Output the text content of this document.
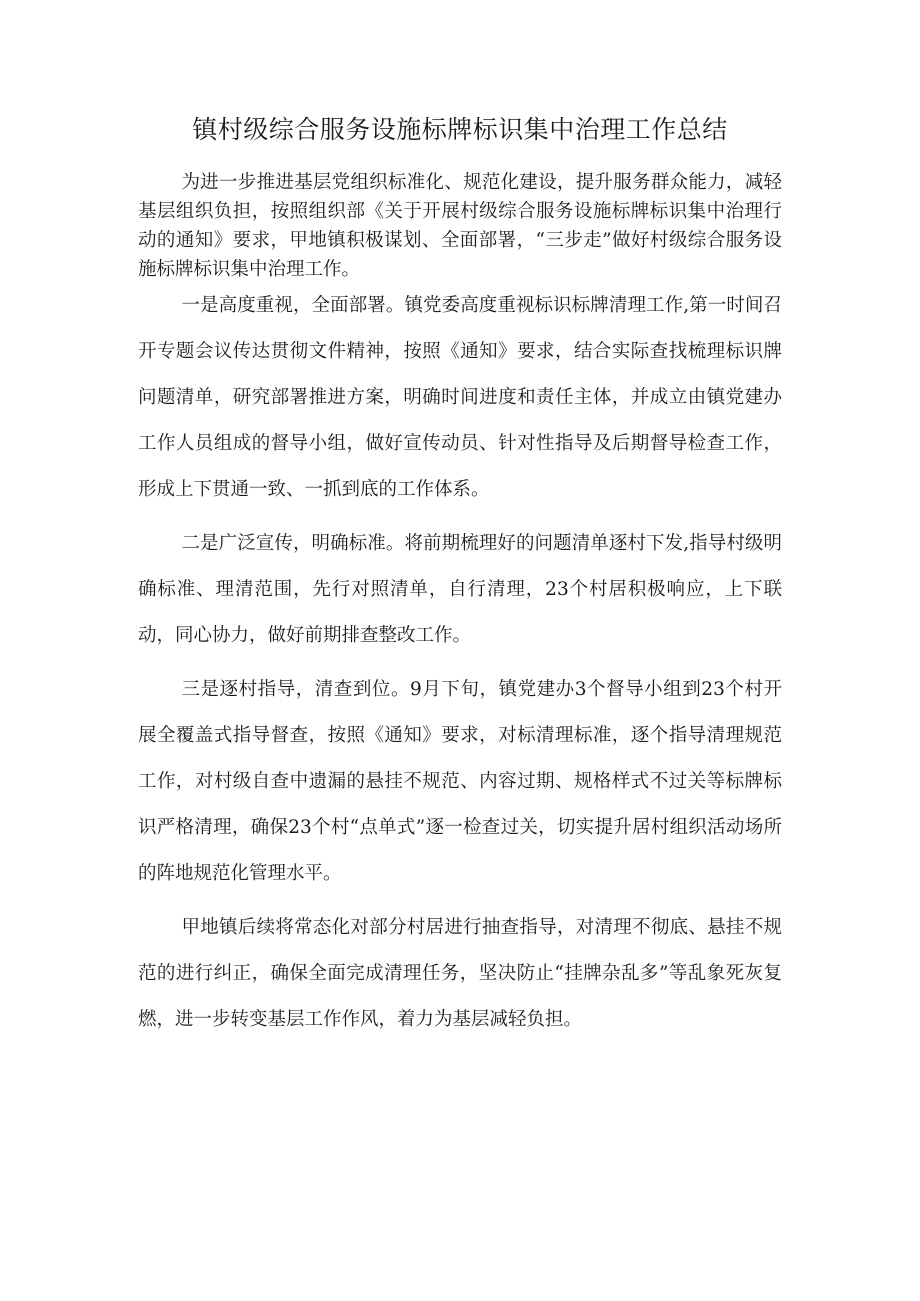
镇村级综合服务设施标牌标识集中治理工作总结

为进一步推进基层党组织标准化、规范化建设，提升服务群众能力，减轻基层组织负担，按照组织部《关于开展村级综合服务设施标牌标识集中治理行动的通知》要求，甲地镇积极谋划、全面部署，“三步走”做好村级综合服务设施标牌标识集中治理工作。

一是高度重视，全面部署。镇党委高度重视标识标牌清理工作,第一时间召开专题会议传达贯彻文件精神，按照《通知》要求，结合实际查找梳理标识牌问题清单，研究部署推进方案，明确时间进度和责任主体，并成立由镇党建办工作人员组成的督导小组，做好宣传动员、针对性指导及后期督导检查工作，形成上下贯通一致、一抓到底的工作体系。

二是广泛宣传，明确标准。将前期梳理好的问题清单逐村下发,指导村级明确标准、理清范围，先行对照清单，自行清理，23个村居积极响应，上下联动，同心协力，做好前期排查整改工作。

三是逐村指导，清查到位。9月下旬，镇党建办3个督导小组到23个村开展全覆盖式指导督查，按照《通知》要求，对标清理标准，逐个指导清理规范工作，对村级自查中遗漏的悬挂不规范、内容过期、规格样式不过关等标牌标识严格清理，确保23个村“点单式”逐一检查过关，切实提升居村组织活动场所的阵地规范化管理水平。

甲地镇后续将常态化对部分村居进行抽查指导，对清理不彻底、悬挂不规范的进行纠正，确保全面完成清理任务，坚决防止“挂牌杂乱多”等乱象死灰复燃，进一步转变基层工作作风，着力为基层减轻负担。
